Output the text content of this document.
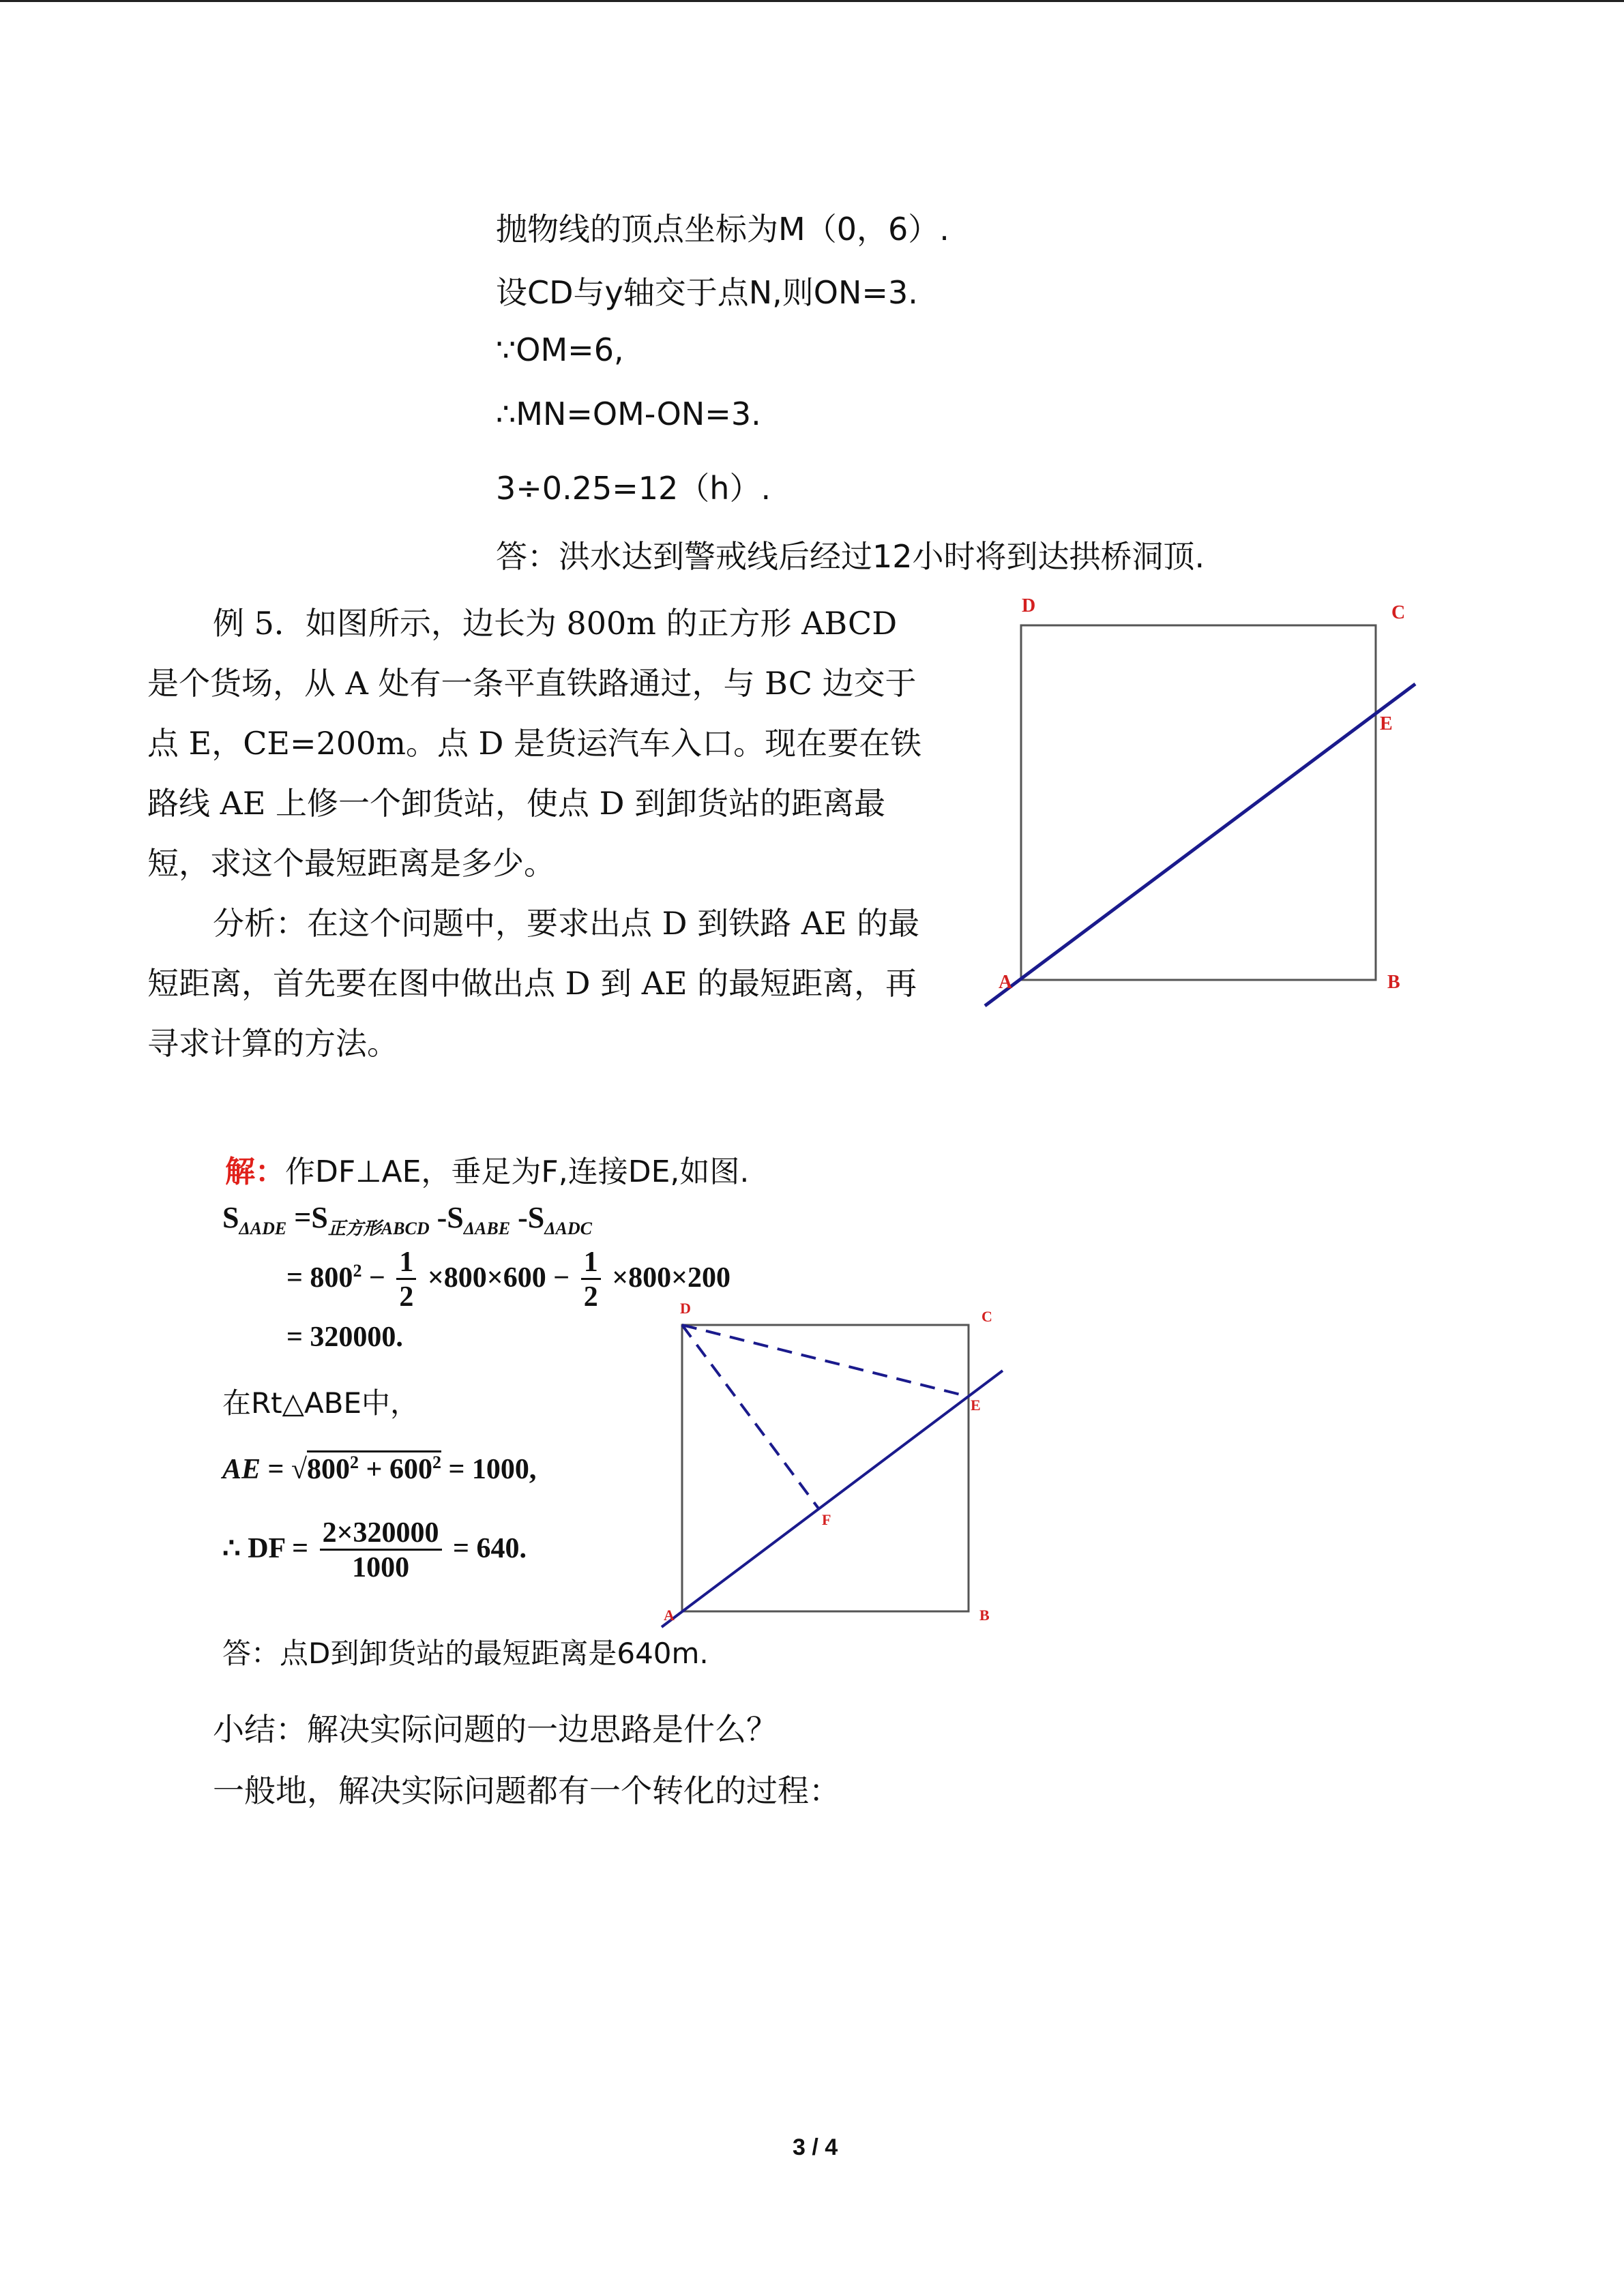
抛物线的顶点坐标为M（0，6）.
设CD与y轴交于点N,则ON=3.
∵OM=6,
∴MN=OM-ON=3.
3÷0.25=12（h）.
答：洪水达到警戒线后经过12小时将到达拱桥洞顶.
例 5．如图所示，边长为 800m 的正方形 ABCD 是个货场，从 A 处有一条平直铁路通过，与 BC 边交于点 E，CE=200m。点 D 是货运汽车入口。现在要在铁路线 AE 上修一个卸货站，使点 D 到卸货站的距离最短，求这个最短距离是多少。
分析：在这个问题中，要求出点 D 到铁路 AE 的最短距离，首先要在图中做出点 D 到 AE 的最短距离，再寻求计算的方法。
D	C
E
A	B
解：作DF⊥AE，垂足为F,连接DE,如图.
$S_{\Delta ADE} =S_{正方形ABCD}$ $-S_{\Delta ABE}$ $-S_{\Delta ADC}$
= $800^2 - \frac{1}{2} \times 800\times 600 - \frac{1}{2} \times 800\times 200$
= 320000.
在Rt△ABE中，
AE = $√800^2 + 600^2 = 1000$,
∴ DF = $\frac{2\times 320000}{1000} = 640$.
答：点D到卸货站的最短距离是640m.
D	C
E
F
A	B
小结：解决实际问题的一边思路是什么？
一般地，解决实际问题都有一个转化的过程：
3 / 4
